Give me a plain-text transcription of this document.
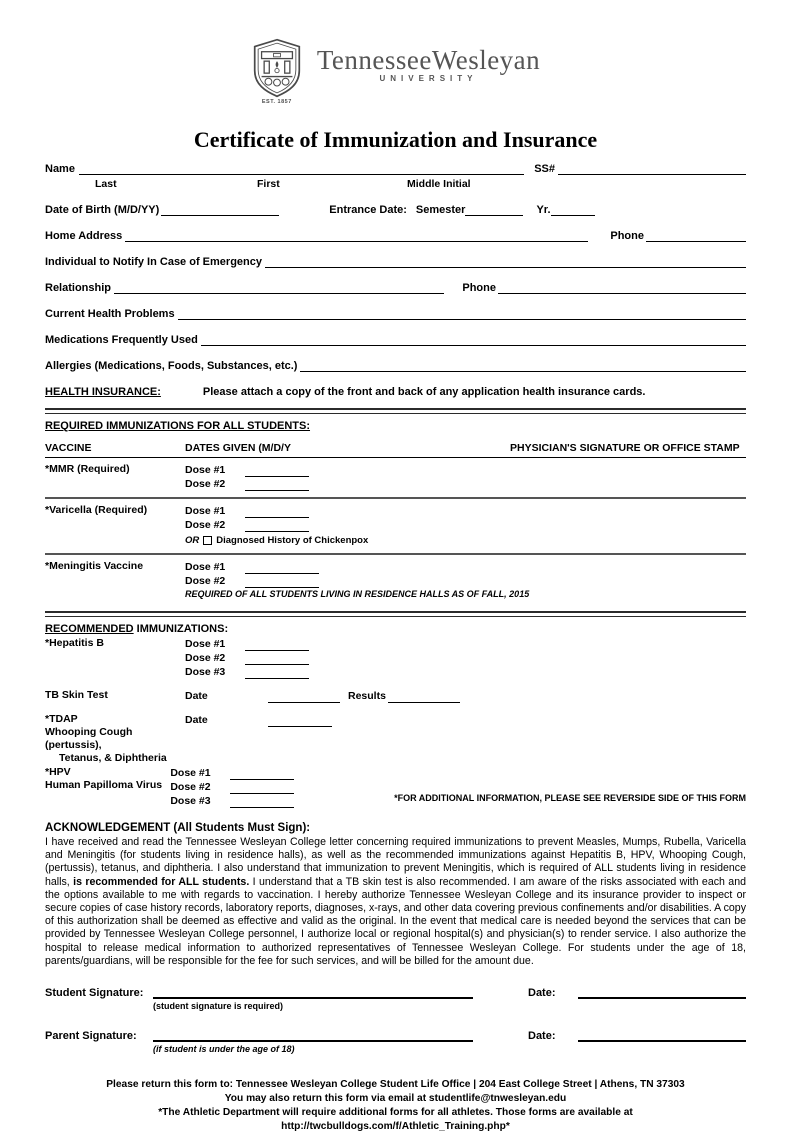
EST. 1857
TennesseeWesleyan
UNIVERSITY
Certificate of Immunization and Insurance
Name	SS#
Last	First	Middle Initial
Date of Birth (M/D/YY)	Entrance Date: Semester	Yr.
Home Address	Phone
Individual to Notify In Case of Emergency
Relationship	Phone
Current Health Problems
Medications Frequently Used
Allergies (Medications, Foods, Substances, etc.)
HEALTH INSURANCE:	Please attach a copy of the front and back of any application health insurance cards.
REQUIRED IMMUNIZATIONS FOR ALL STUDENTS:
VACCINE	DATES GIVEN (M/D/Y	PHYSICIAN'S SIGNATURE OR OFFICE STAMP
*MMR (Required)	Dose #1
Dose #2
*Varicella (Required)	Dose #1
Dose #2
OR Diagnosed History of Chickenpox
*Meningitis Vaccine	Dose #1
Dose #2
REQUIRED OF ALL STUDENTS LIVING IN RESIDENCE HALLS AS OF FALL, 2015
RECOMMENDED IMMUNIZATIONS:
*Hepatitis B	Dose #1
Dose #2
Dose #3
TB Skin Test	Date	Results
*TDAP
Whooping Cough (pertussis),
Tetanus, & Diphtheria
Date
*HPV
Human Papilloma Virus
Dose #1
Dose #2
Dose #3	*FOR ADDITIONAL INFORMATION, PLEASE SEE REVERSIDE SIDE OF THIS FORM
ACKNOWLEDGEMENT (All Students Must Sign):
I have received and read the Tennessee Wesleyan College letter concerning required immunizations to prevent Measles, Mumps, Rubella, Varicella and Meningitis (for students living in residence halls), as well as the recommended immunizations against Hepatitis B, HPV, Whooping Cough, (pertussis), tetanus, and diphtheria. I also understand that immunization to prevent Meningitis, which is required of ALL students living in residence halls, is recommended for ALL students. I understand that a TB skin test is also recommended. I am aware of the risks associated with each and the options available to me with regards to vaccination. I hereby authorize Tennessee Wesleyan College and its insurance provider to inspect or secure copies of case history records, laboratory reports, diagnoses, x-rays, and other data covering previous confinements and/or disabilities. A copy of this authorization shall be deemed as effective and valid as the original. In the event that medical care is needed beyond the services that can be provided by Tennessee Wesleyan College personnel, I authorize local or regional hospital(s) and physician(s) to render service. I also authorize the hospital to release medical information to authorized representatives of Tennessee Wesleyan College. For students under the age of 18, parents/guardians, will be responsible for the fee for such services, and will be billed for the amount due.
Student Signature:	Date:
(student signature is required)
Parent Signature:	Date:
(if student is under the age of 18)
Please return this form to: Tennessee Wesleyan College Student Life Office | 204 East College Street | Athens, TN 37303
You may also return this form via email at studentlife@tnwesleyan.edu
*The Athletic Department will require additional forms for all athletes. Those forms are available at http://twcbulldogs.com/f/Athletic_Training.php*
